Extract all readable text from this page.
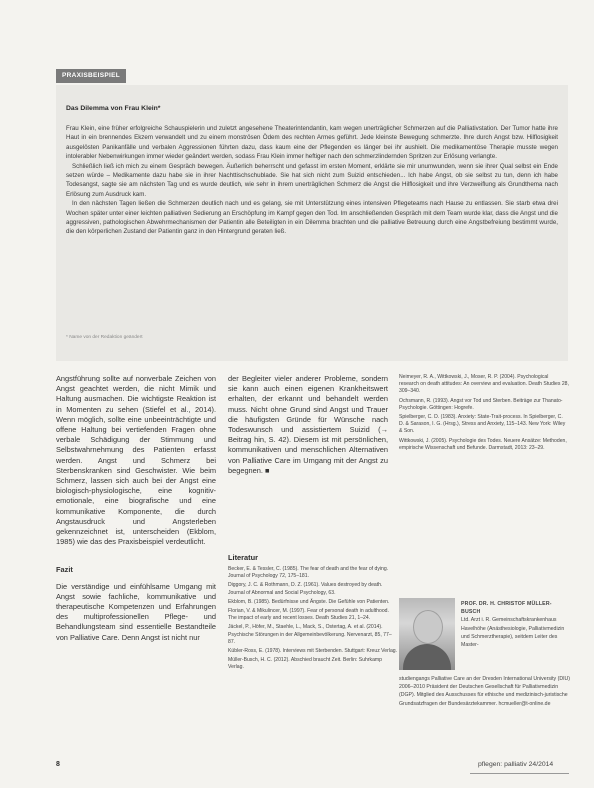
PRAXISBEISPIEL
Das Dilemma von Frau Klein*

Frau Klein, eine früher erfolgreiche Schauspielerin und zuletzt angesehene Theaterintendantin, kam wegen unerträglicher Schmerzen auf die Palliativstation. Der Tumor hatte ihre Haut in ein brennendes Ekzem verwandelt und zu einem monströsen Ödem des rechten Armes geführt. Jede kleinste Bewegung schmerzte. Ihre durch Angst bzw. Hilflosigkeit ausgelösten Panikanfälle und verbalen Aggressionen führten dazu, dass kaum eine der Pflegenden es länger bei ihr aushielt. Die medikamentöse Therapie musste wegen intolerabler Nebenwirkungen immer wieder geändert werden, sodass Frau Klein immer heftiger nach den schmerzlindernden Spritzen zur Erlösung verlangte.

Schließlich ließ ich mich zu einem Gespräch bewegen. Äußerlich beherrscht und gefasst im ersten Moment, erklärte sie mir unumwunden, wenn sie ihrer Qual selbst ein Ende setzen würde – Medikamente dazu habe sie in ihrer Nachttischschublade. Sie hat sich nicht zum Suizid entschieden... Ich habe Angst, ob sie selbst zu tun, denn ich habe Todesangst, sagte sie am nächsten Tag und es wurde deutlich, wie sehr in ihrem unerträglichen Schmerz die Angst die Hilflosigkeit und ihre Verzweiflung als Grundthema nach Erlösung zum Ausdruck kam.

In den nächsten Tagen ließen die Schmerzen deutlich nach und es gelang, sie mit Unterstützung eines intensiven Pflegeteams nach Hause zu entlassen. Sie starb etwa drei Wochen später unter einer leichten palliativen Sedierung an Erschöpfung im Kampf gegen den Tod. Im anschließenden Gespräch mit dem Team wurde klar, dass die Angst und die aggressiven, pathologischen Abwehrmechanismen der Patientin alle Beteiligten in ein Dilemma brachten und die palliative Betreuung durch eine Angstbefreiung bestimmt wurde, die den körperlichen Zustand der Patientin ganz in den Hintergrund geraten ließ.

* Name von der Redaktion geändert

Angstführung sollte auf nonverbale Zeichen von Angst geachtet werden, die nicht Mimik und Haltung ausmachen. Die wichtigste Reaktion ist in Momenten zu sehen (Stiefel et al., 2014). Wenn möglich, sollte eine unbeeinträchtigte und offene Haltung bei vertiefenden Fragen ohne verbale Schädigung der Stimmung und Selbstwahrnehmung des Patienten erfasst werden. Angst und Schmerz bei Sterbenskranken sind Geschwister. Wie beim Schmerz, lassen sich auch bei der Angst eine biologisch-physiologische, eine kognitiv-emotionale, eine biografische und eine kommunikative Komponente, die durch Angstausdruck und Angsterleben gekennzeichnet ist, unterscheiden (Ekblom, 1985) wie das des Praxisbeispiel verdeutlicht.

Fazit

Die verständige und einfühlsame Umgang mit Angst sowie fachliche, kommunikative und therapeutische Kompetenzen und Erfahrungen des multiprofessionellen Pflege- und Behandlungsteam sind essentielle Bestandteile von Palliative Care. Denn Angst ist nicht nur

der Begleiter vieler anderer Probleme, sondern sie kann auch einen eigenen Krankheitswert erhalten, der erkannt und behandelt werden muss. Nicht ohne Grund sind Angst und Trauer die häufigsten Gründe für Wünsche nach Todeswunsch und assistiertem Suizid (→ Beitrag hin, S. 42). Diesem ist mit persönlichen, kommunikativen und menschlichen Alternativen von Palliative Care im Umgang mit der Angst zu begegnen. ■

Literatur
Becker, E. & Tessler, C. (1985). The fear of death and the fear of dying. Journal of Psychology 72, 175–181.
Diggory, J. C. & Rothmann, D. Z. (1961). Values destroyed by death. Journal of Abnormal and Social Psychology, 63.
Ekblom, B. (1985). Bedürfnisse und Ängste. Die Gefühle von Patienten.
Florian, V. & Mikulincer, M. (1997). Fear of personal death in adulthood. The impact of early and recent losses. Death Studies 21, 1–24.
Jäckel, P., Höfer, M., Staehle, L., Mack, S., Ostertag, A. et al. (2014). Psychische Störungen in der Allgemeinbevölkerung. Nervenarzt, 85, 77–87.
Kübler-Ross, E. (1978). Interviews mit Sterbenden. Stuttgart: Kreuz Verlag.
Müller-Busch, H. C. (2012). Abschied braucht Zeit. Berlin: Suhrkamp Verlag.
Neimeyer, R. A., Wittkowski, J., Moser, R. P. (2004). Psychological research on death attitudes: An overview and evaluation. Death Studies 28, 309–340.
Ochsmann, R. (1993). Angst vor Tod und Sterben. Beiträge zur Thanato-Psychologie. Göttingen: Hogrefe.
Spielberger, C. D. (1983). Anxiety: State-Trait-process. In Spielberger, C. D. & Sarason, I. G. (Hrsg.), Stress and Anxiety, 115–143. New York: Wiley & Son.
Wittkowski, J. (2005). Psychologie des Todes. Neuere Ansätze: Methoden, empirische Wissenschaft und Befunde. Darmstadt, 2013: 23–29.
PROF. DR. H. CHRISTOF MÜLLER-BUSCH
Ltd. Arzt i. R. Gemeinschaftskrankenhaus Havelhöhe (Anästhesiologie, Palliativmedizin und Schmerztherapie), seitdem Leiter des Master-
studiengangs Palliative Care an der Dresden International University (DIU) 2006–2010 Präsident der Deutschen Gesellschaft für Palliativmedizin (DGP). Mitglied des Ausschusses für ethische und medizinisch-juristische Grundsatzfragen der Bundesärztekammer. hcmueller@t-online.de
8	pflegen: palliativ 24/2014
